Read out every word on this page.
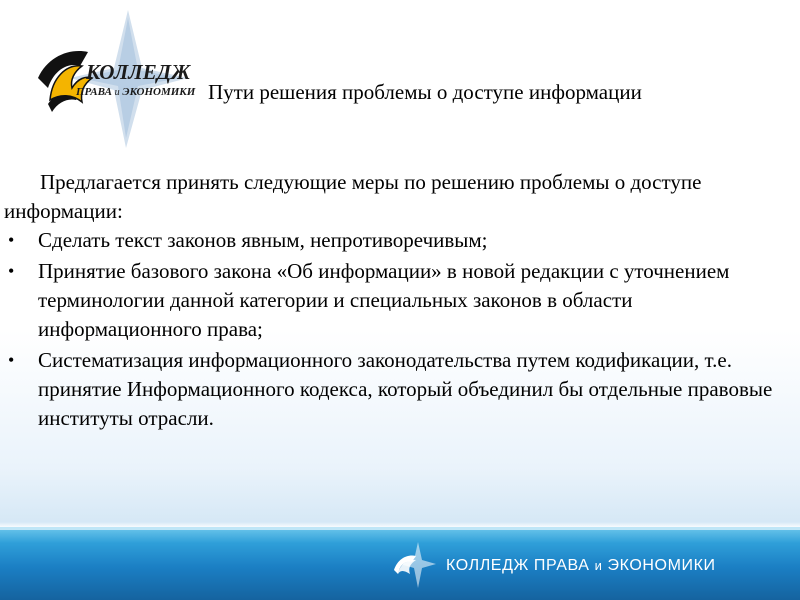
КОЛЛЕДЖ
ПРАВА и ЭКОНОМИКИ Пути решения проблемы о доступе информации

Предлагается принять следующие меры по решению проблемы о доступе информации:

• Сделать текст законов явным, непротиворечивым;
• Принятие базового закона «Об информации» в новой редакции с уточнением терминологии данной категории и специальных законов в области информационного права;
• Систематизация информационного законодательства путем кодификации, т.е. принятие Информационного кодекса, который объединил бы отдельные правовые институты отрасли.
КОЛЛЕДЖ ПРАВА и ЭКОНОМИКИ
